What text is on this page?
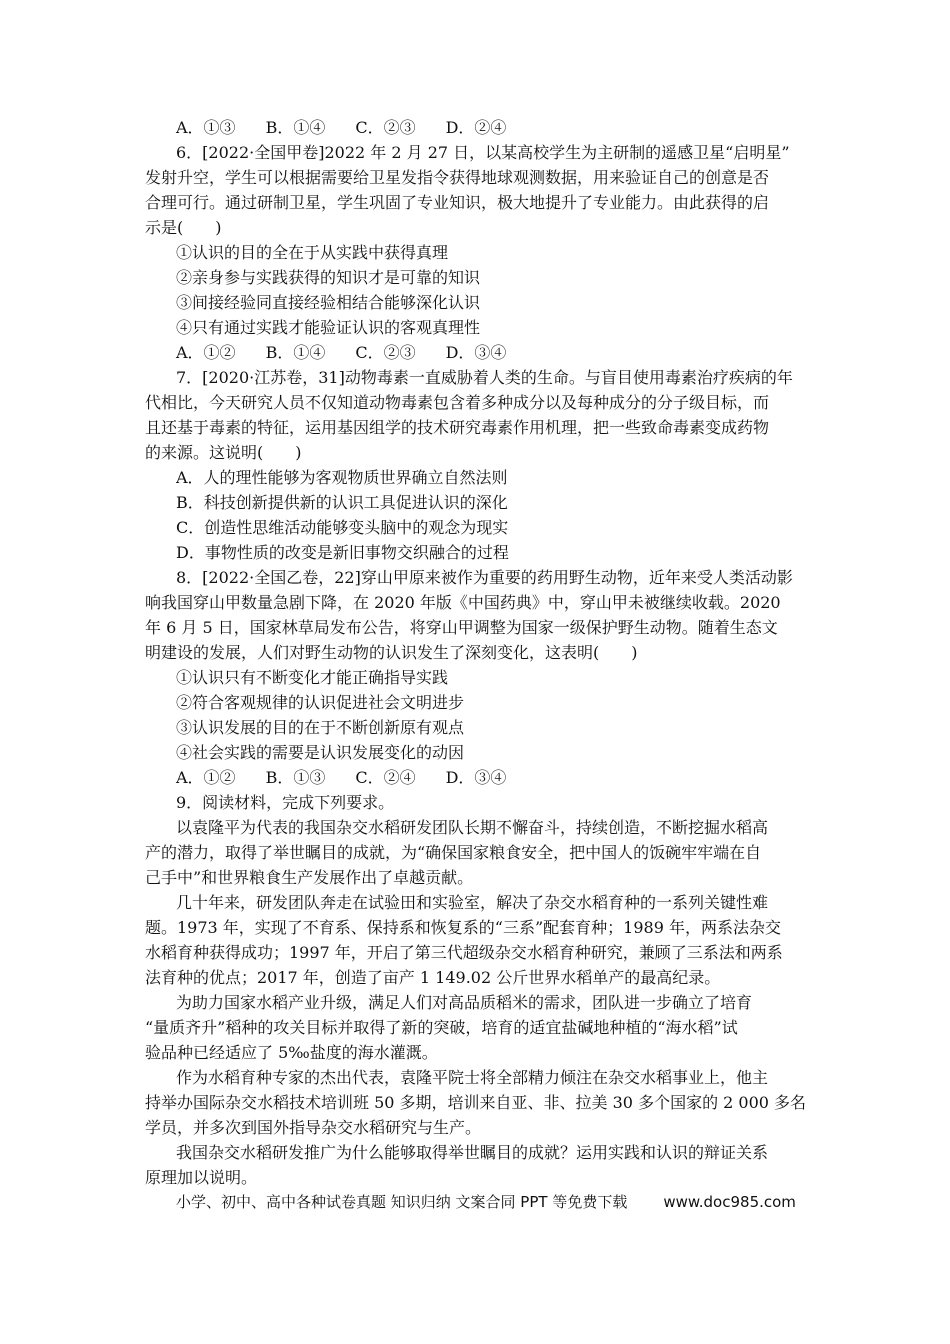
A．①③ B．①④ C．②③ D．②④
6．[2022·全国甲卷]2022 年 2 月 27 日，以某高校学生为主研制的遥感卫星“启明星”
发射升空，学生可以根据需要给卫星发指令获得地球观测数据，用来验证自己的创意是否
合理可行。通过研制卫星，学生巩固了专业知识，极大地提升了专业能力。由此获得的启
示是(　　)
①认识的目的全在于从实践中获得真理
②亲身参与实践获得的知识才是可靠的知识
③间接经验同直接经验相结合能够深化认识
④只有通过实践才能验证认识的客观真理性
A．①② B．①④ C．②③ D．③④
7．[2020·江苏卷，31]动物毒素一直威胁着人类的生命。与盲目使用毒素治疗疾病的年
代相比，今天研究人员不仅知道动物毒素包含着多种成分以及每种成分的分子级目标，而
且还基于毒素的特征，运用基因组学的技术研究毒素作用机理，把一些致命毒素变成药物
的来源。这说明(　　)
A．人的理性能够为客观物质世界确立自然法则
B．科技创新提供新的认识工具促进认识的深化
C．创造性思维活动能够变头脑中的观念为现实
D．事物性质的改变是新旧事物交织融合的过程
8．[2022·全国乙卷，22]穿山甲原来被作为重要的药用野生动物，近年来受人类活动影
响我国穿山甲数量急剧下降，在 2020 年版《中国药典》中，穿山甲未被继续收载。2020
年 6 月 5 日，国家林草局发布公告，将穿山甲调整为国家一级保护野生动物。随着生态文
明建设的发展，人们对野生动物的认识发生了深刻变化，这表明(　　)
①认识只有不断变化才能正确指导实践
②符合客观规律的认识促进社会文明进步
③认识发展的目的在于不断创新原有观点
④社会实践的需要是认识发展变化的动因
A．①② B．①③ C．②④ D．③④
9．阅读材料，完成下列要求。
以袁隆平为代表的我国杂交水稻研发团队长期不懈奋斗，持续创造，不断挖掘水稻高
产的潜力，取得了举世瞩目的成就，为“确保国家粮食安全，把中国人的饭碗牢牢端在自
己手中”和世界粮食生产发展作出了卓越贡献。
几十年来，研发团队奔走在试验田和实验室，解决了杂交水稻育种的一系列关键性难
题。1973 年，实现了不育系、保持系和恢复系的“三系”配套育种；1989 年，两系法杂交
水稻育种获得成功；1997 年，开启了第三代超级杂交水稻育种研究，兼顾了三系法和两系
法育种的优点；2017 年，创造了亩产 1 149.02 公斤世界水稻单产的最高纪录。
为助力国家水稻产业升级，满足人们对高品质稻米的需求，团队进一步确立了培育
“量质齐升”稻种的攻关目标并取得了新的突破，培育的适宜盐碱地种植的“海水稻”试
验品种已经适应了 5‰盐度的海水灌溉。
作为水稻育种专家的杰出代表，袁隆平院士将全部精力倾注在杂交水稻事业上，他主
持举办国际杂交水稻技术培训班 50 多期，培训来自亚、非、拉美 30 多个国家的 2 000 多名
学员，并多次到国外指导杂交水稻研究与生产。
我国杂交水稻研发推广为什么能够取得举世瞩目的成就？运用实践和认识的辩证关系
原理加以说明。
小学、初中、高中各种试卷真题 知识归纳 文案合同 PPT 等免费下载 www.doc985.com
